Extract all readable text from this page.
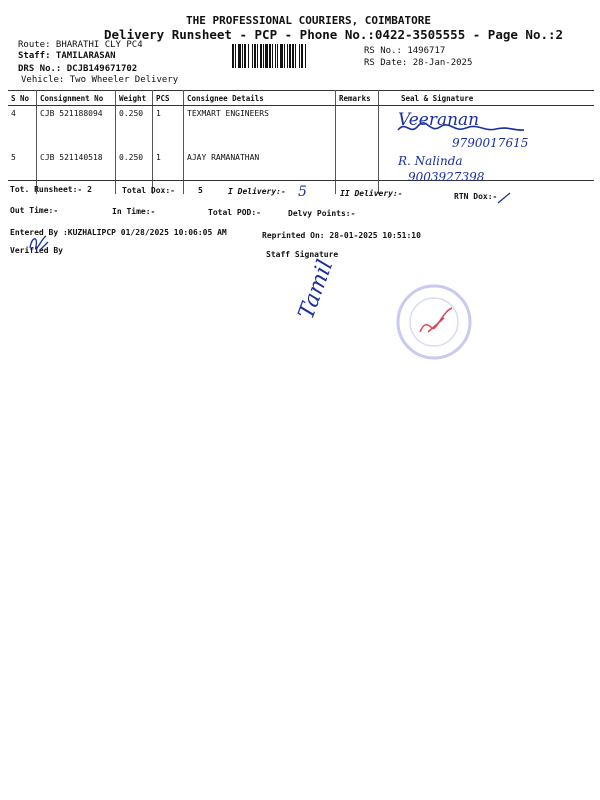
THE PROFESSIONAL COURIERS, COIMBATORE
Delivery Runsheet - PCP - Phone No.:0422-3505555 - Page No.:2
Route: BHARATHI CLY PC4
Staff: TAMILARASAN
DRS No.: DCJB149671702
Vehicle: Two Wheeler Delivery
RS No.: 1496717
RS Date: 28-Jan-2025
S No	Consignment No	Weight	PCS	Consignee Details	Remarks	Seal & Signature
4	CJB 521188094	0.250	1	TEXMART ENGINEERS		
5	CJB 521140518	0.250	1	AJAY RAMANATHAN		
Veeranan
9790017615
R. Nalinda
9003927398
Tot. Runsheet:- 2	Total Dox:-	5	I Delivery:- 5	II Delivery:-	RTN Dox:-
Out Time:-	In Time:-	Total POD:-	Delvy Points:-
Entered By :KUZHALIPCP 01/28/2025 10:06:05 AM	Reprinted On: 28-01-2025 10:51:10
Verified By	Staff Signature
Tamil
